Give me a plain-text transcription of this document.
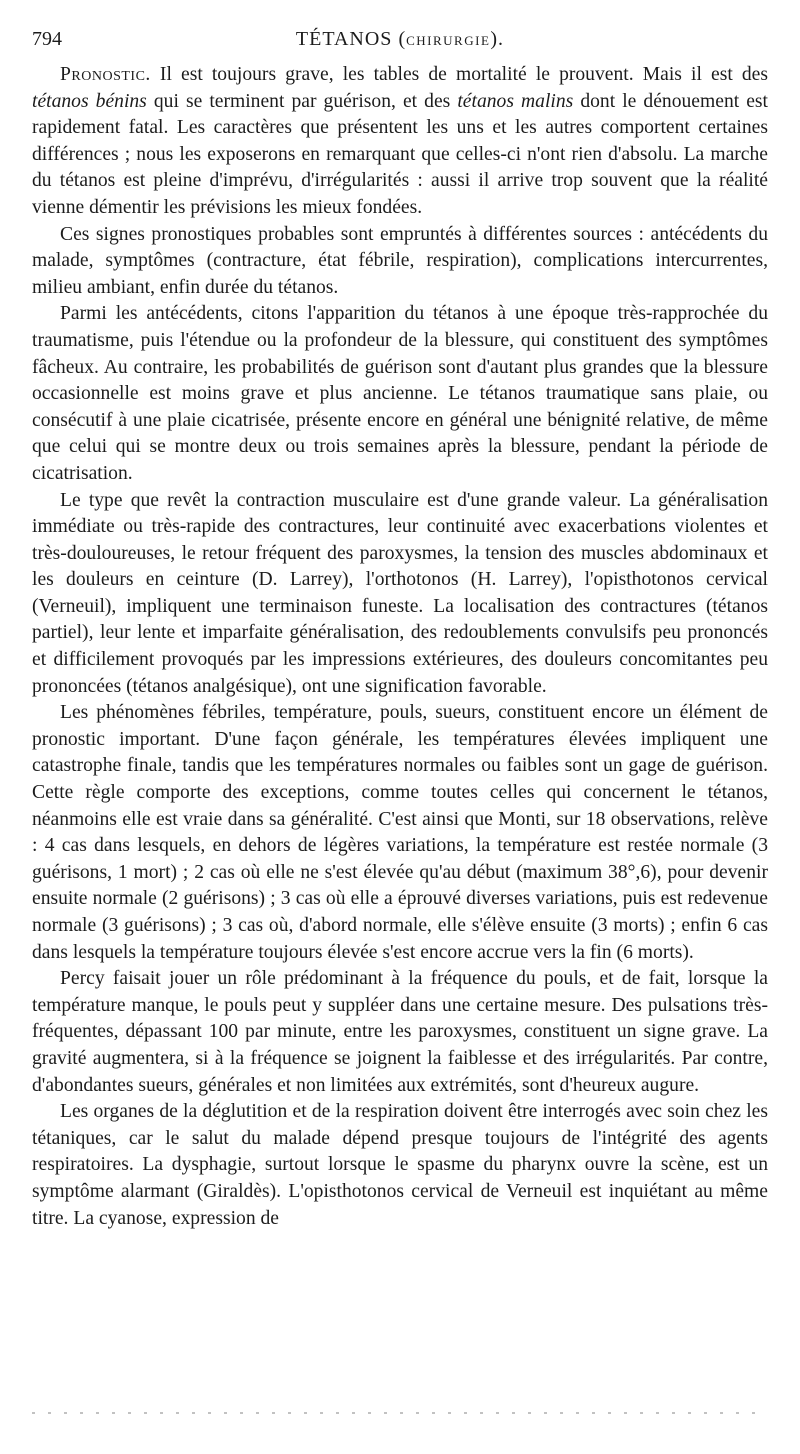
794	TÉTANOS (CHIRURGIE).

Pronostic. Il est toujours grave, les tables de mortalité le prouvent. Mais il est des tétanos bénins qui se terminent par guérison, et des tétanos malins dont le dénouement est rapidement fatal. Les caractères que présentent les uns et les autres comportent certaines différences ; nous les exposerons en remarquant que celles-ci n'ont rien d'absolu. La marche du tétanos est pleine d'imprévu, d'irrégularités : aussi il arrive trop souvent que la réalité vienne démentir les prévisions les mieux fondées.

Ces signes pronostiques probables sont empruntés à différentes sources : antécédents du malade, symptômes (contracture, état fébrile, respiration), complications intercurrentes, milieu ambiant, enfin durée du tétanos.

Parmi les antécédents, citons l'apparition du tétanos à une époque très-rapprochée du traumatisme, puis l'étendue ou la profondeur de la blessure, qui constituent des symptômes fâcheux. Au contraire, les probabilités de guérison sont d'autant plus grandes que la blessure occasionnelle est moins grave et plus ancienne. Le tétanos traumatique sans plaie, ou consécutif à une plaie cicatrisée, présente encore en général une bénignité relative, de même que celui qui se montre deux ou trois semaines après la blessure, pendant la période de cicatrisation.

Le type que revêt la contraction musculaire est d'une grande valeur. La généralisation immédiate ou très-rapide des contractures, leur continuité avec exacerbations violentes et très-douloureuses, le retour fréquent des paroxysmes, la tension des muscles abdominaux et les douleurs en ceinture (D. Larrey), l'orthotonos (H. Larrey), l'opisthotonos cervical (Verneuil), impliquent une terminaison funeste. La localisation des contractures (tétanos partiel), leur lente et imparfaite généralisation, des redoublements convulsifs peu prononcés et difficilement provoqués par les impressions extérieures, des douleurs concomitantes peu prononcées (tétanos analgésique), ont une signification favorable.

Les phénomènes fébriles, température, pouls, sueurs, constituent encore un élément de pronostic important. D'une façon générale, les températures élevées impliquent une catastrophe finale, tandis que les températures normales ou faibles sont un gage de guérison. Cette règle comporte des exceptions, comme toutes celles qui concernent le tétanos, néanmoins elle est vraie dans sa généralité. C'est ainsi que Monti, sur 18 observations, relève : 4 cas dans lesquels, en dehors de légères variations, la température est restée normale (3 guérisons, 1 mort) ; 2 cas où elle ne s'est élevée qu'au début (maximum 38°,6), pour devenir ensuite normale (2 guérisons) ; 3 cas où elle a éprouvé diverses variations, puis est redevenue normale (3 guérisons) ; 3 cas où, d'abord normale, elle s'élève ensuite (3 morts) ; enfin 6 cas dans lesquels la température toujours élevée s'est encore accrue vers la fin (6 morts).

Percy faisait jouer un rôle prédominant à la fréquence du pouls, et de fait, lorsque la température manque, le pouls peut y suppléer dans une certaine mesure. Des pulsations très-fréquentes, dépassant 100 par minute, entre les paroxysmes, constituent un signe grave. La gravité augmentera, si à la fréquence se joignent la faiblesse et des irrégularités. Par contre, d'abondantes sueurs, générales et non limitées aux extrémités, sont d'heureux augure.

Les organes de la déglutition et de la respiration doivent être interrogés avec soin chez les tétaniques, car le salut du malade dépend presque toujours de l'intégrité des agents respiratoires. La dysphagie, surtout lorsque le spasme du pharynx ouvre la scène, est un symptôme alarmant (Giraldès). L'opisthotonos cervical de Verneuil est inquiétant au même titre. La cyanose, expression de
